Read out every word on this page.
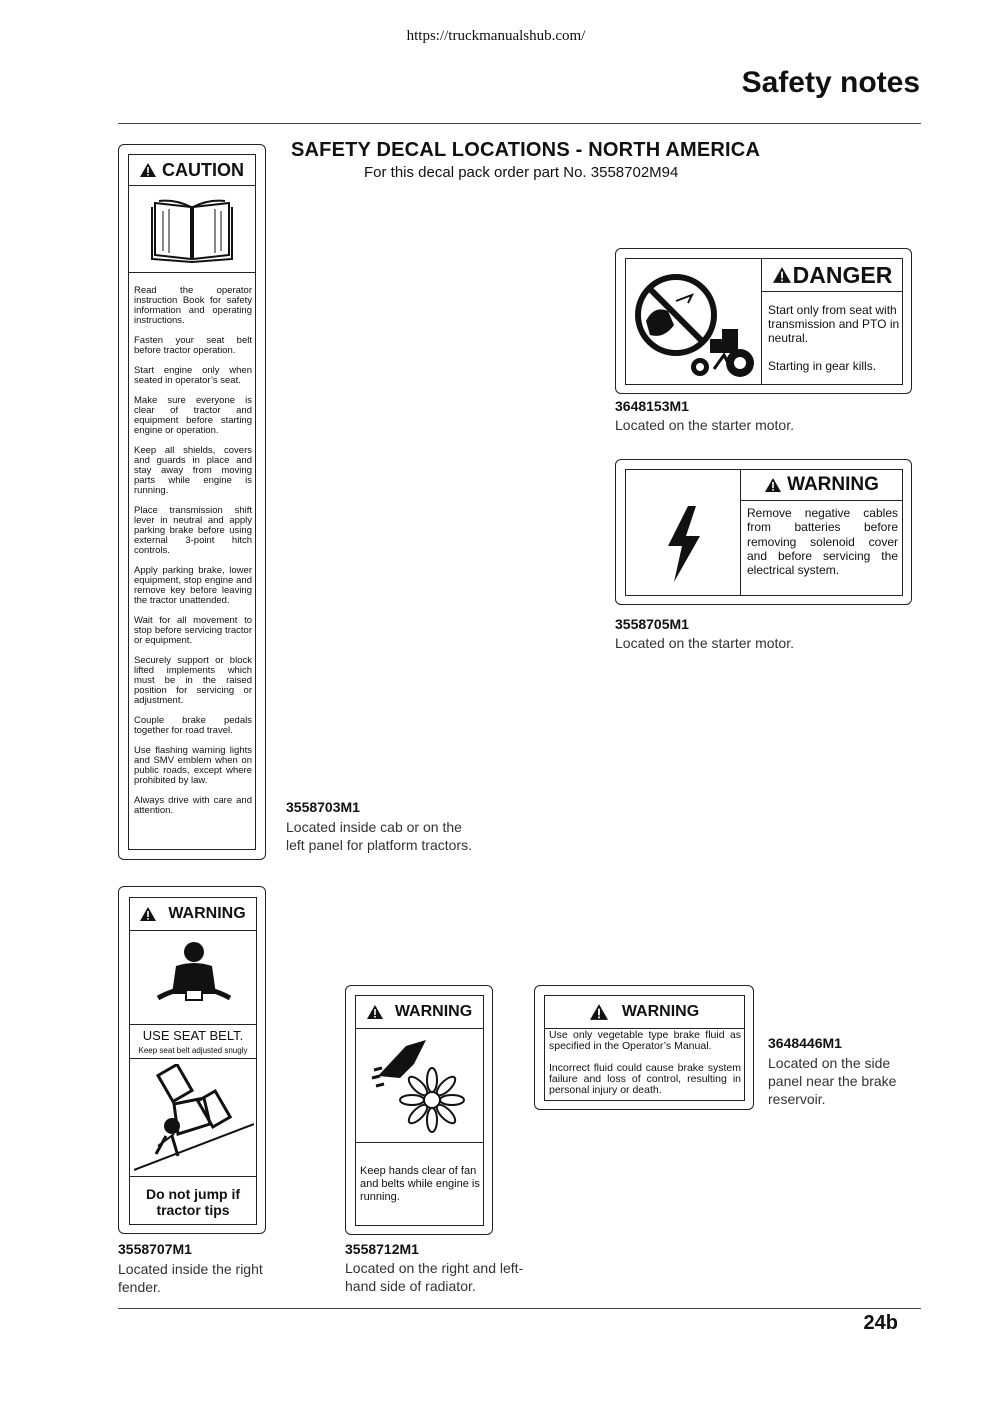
https://truckmanualshub.com/
Safety notes
SAFETY DECAL LOCATIONS - NORTH AMERICA
For this decal pack order part No. 3558702M94
CAUTION
Read the operator instruction Book for safety information and operating instructions.
Fasten your seat belt before tractor operation.
Start engine only when seated in operator’s seat.
Make sure everyone is clear of tractor and equipment before starting engine or operation.
Keep all shields, covers and guards in place and stay away from moving parts while engine is running.
Place transmission shift lever in neutral and apply parking brake before using external 3-point hitch controls.
Apply parking brake, lower equipment, stop engine and remove key before leaving the tractor unattended.
Wait for all movement to stop before servicing tractor or equipment.
Securely support or block lifted implements which must be in the raised position for servicing or adjustment.
Couple brake pedals together for road travel.
Use flashing warning lights and SMV emblem when on public roads, except where prohibited by law.
Always drive with care and attention.	3558703M1
Located inside cab or on the
left panel for platform tractors.
DANGER
Start only from seat with transmission and PTO in neutral.
Starting in gear kills.
3648153M1
Located on the starter motor.
WARNING
Remove negative cables from batteries before removing solenoid cover and before servicing the electrical system.
3558705M1
Located on the starter motor.
WARNING
USE SEAT BELT.
Keep seat belt adjusted snugly
Do not jump if tractor tips
3558707M1
Located inside the right
fender.
WARNING
Keep hands clear of fan and belts while engine is running.
3558712M1
Located on the right and left-
hand side of radiator.
WARNING
Use only vegetable type brake fluid as specified in the Operator’s Manual.
Incorrect fluid could cause brake system failure and loss of control, resulting in personal injury or death.
3648446M1
Located on the side
panel near the brake
reservoir.
24b
